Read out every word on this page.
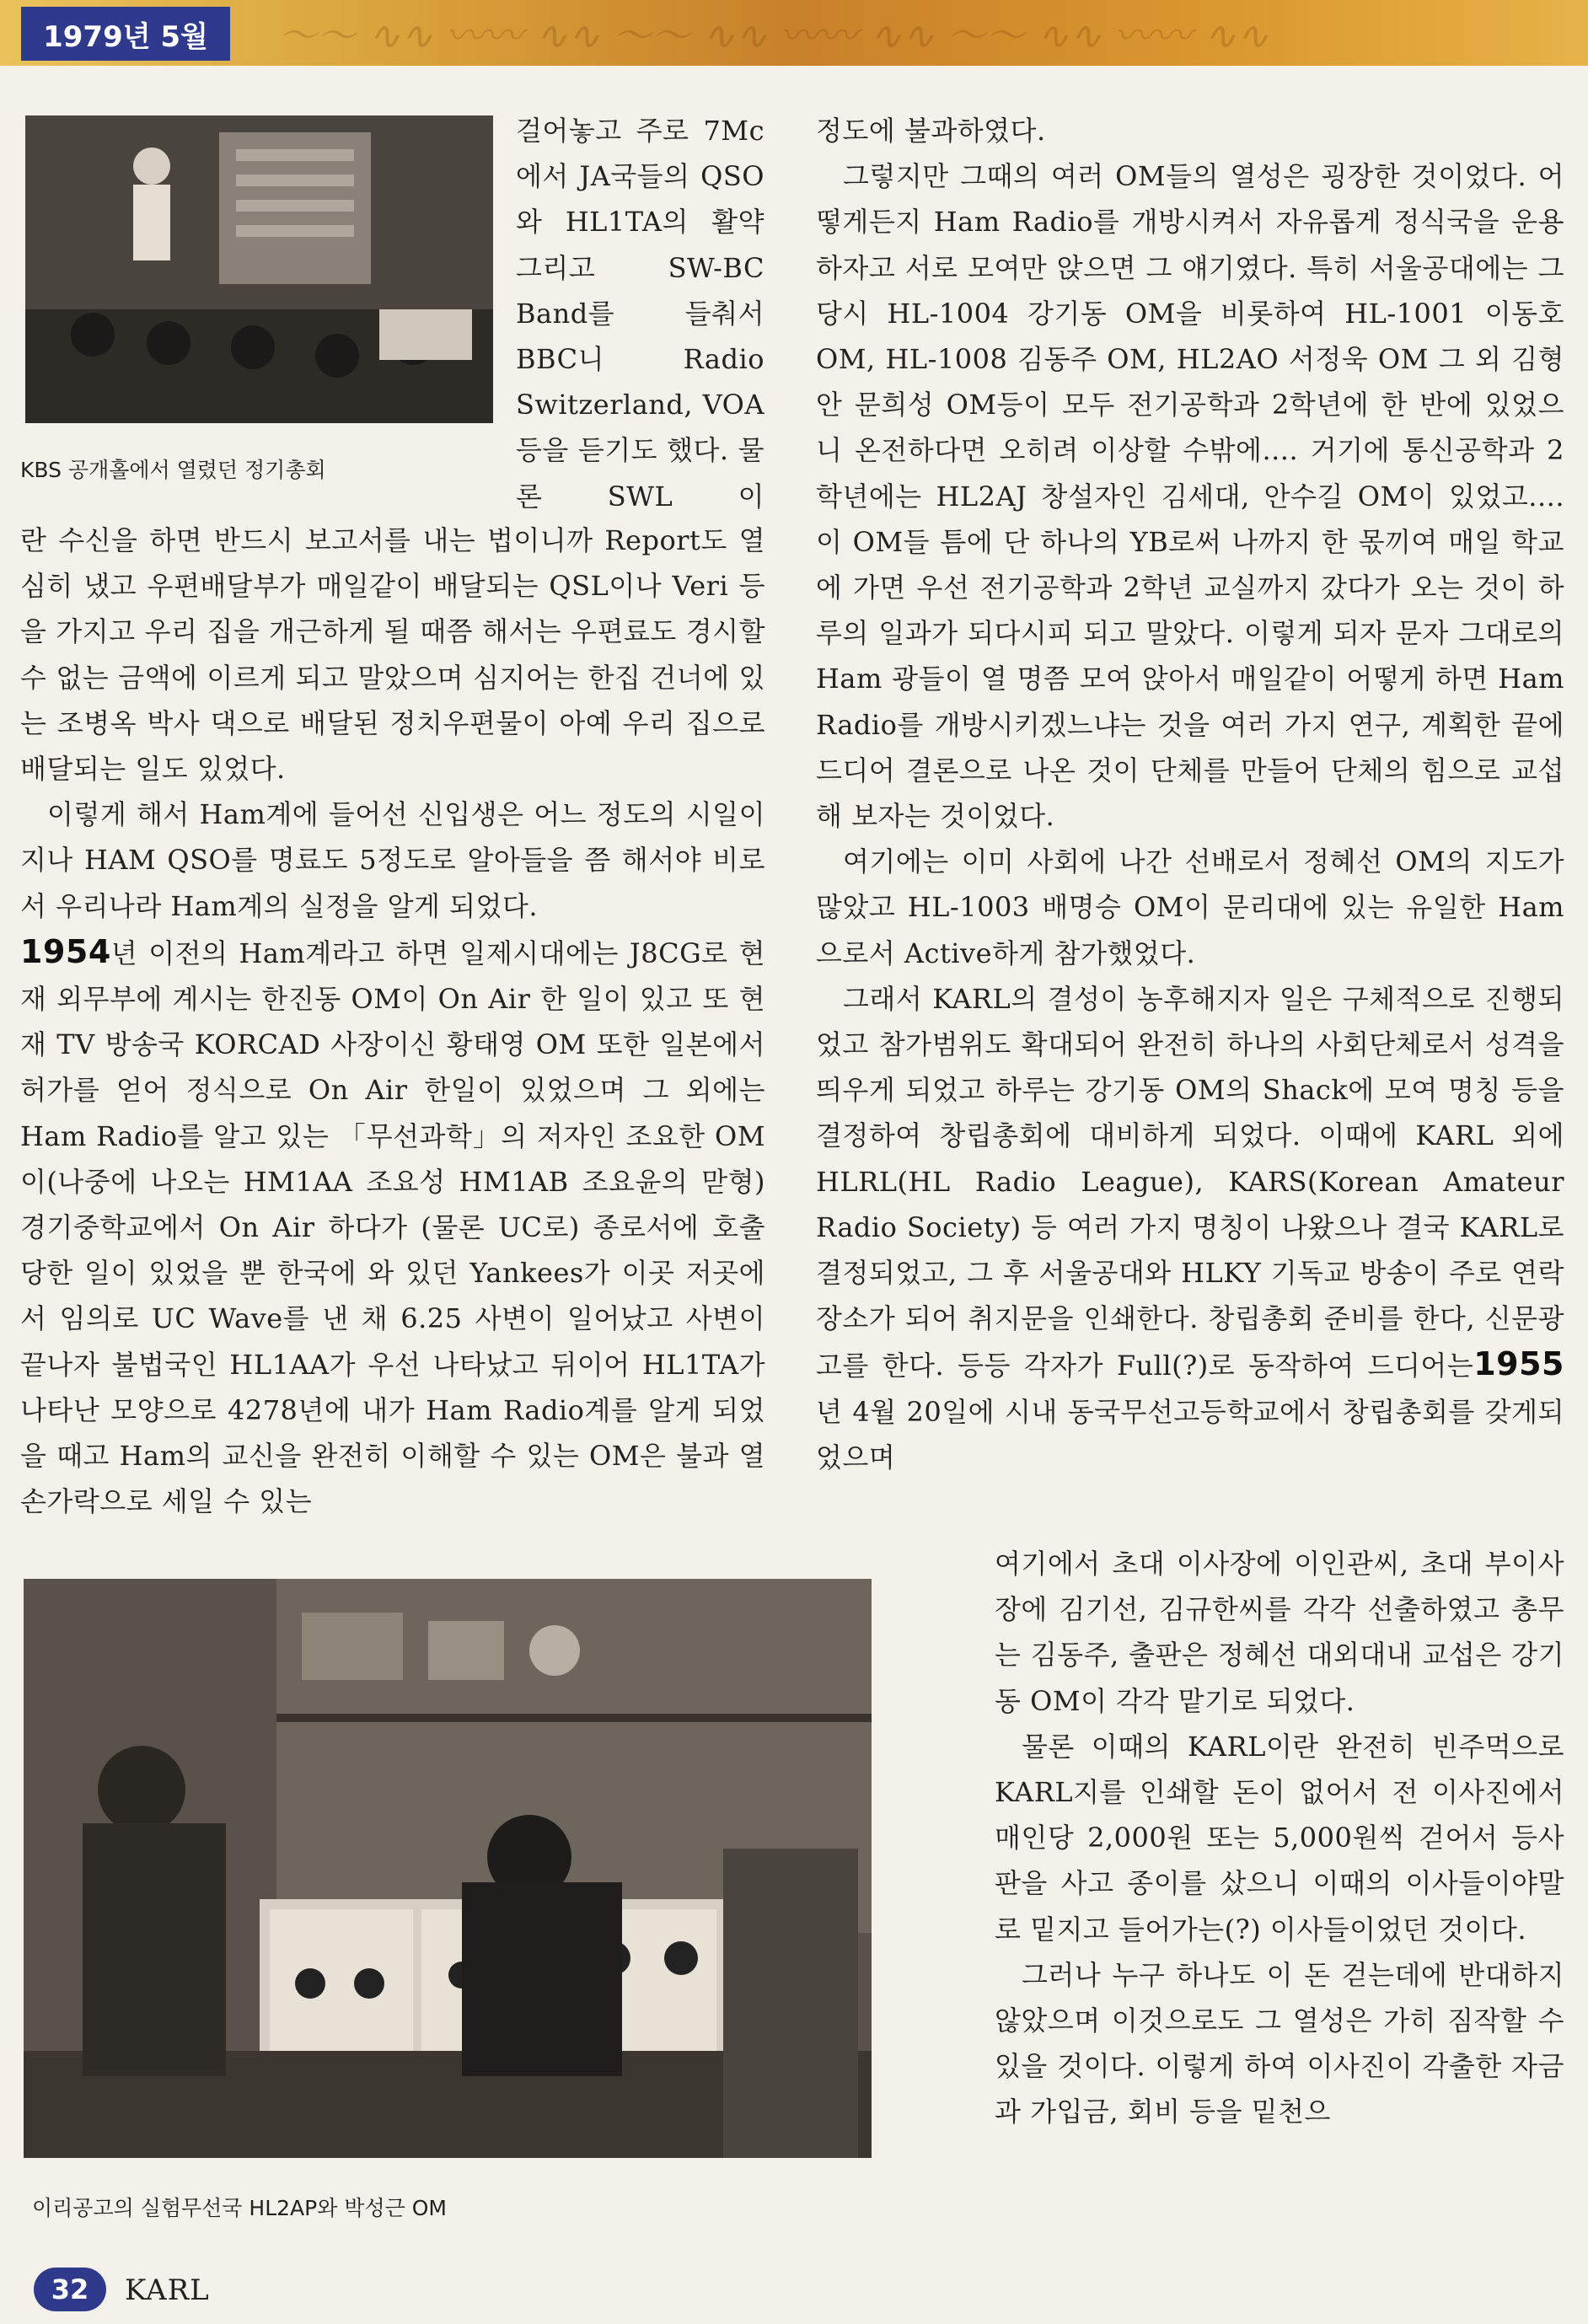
〜〜 ∿∿ 〰〰 ∿∿ 〜〜 ∿∿ 〰〰 ∿∿ 〜〜 ∿∿ 〰〰 ∿∿
1979년 5월
KBS 공개홀에서 열렸던 정기총회

걸어놓고 주로 7Mc에서 JA국들의 QSO와 HL1TA의 활약 그리고 SW-BC Band를 들춰서 BBC니 Radio Switzerland, VOA 등을 듣기도 했다. 물론 SWL 이

란 수신을 하면 반드시 보고서를 내는 법이니까 Report도 열심히 냈고 우편배달부가 매일같이 배달되는 QSL이나 Veri 등을 가지고 우리 집을 개근하게 될 때쯤 해서는 우편료도 경시할 수 없는 금액에 이르게 되고 말았으며 심지어는 한집 건너에 있는 조병옥 박사 댁으로 배달된 정치우편물이 아예 우리 집으로 배달되는 일도 있었다.

이렇게 해서 Ham계에 들어선 신입생은 어느 정도의 시일이 지나 HAM QSO를 명료도 5정도로 알아들을 쯤 해서야 비로서 우리나라 Ham계의 실정을 알게 되었다.

1954년 이전의 Ham계라고 하면 일제시대에는 J8CG로 현재 외무부에 계시는 한진동 OM이 On Air 한 일이 있고 또 현재 TV 방송국 KORCAD 사장이신 황태영 OM 또한 일본에서 허가를 얻어 정식으로 On Air 한일이 있었으며 그 외에는 Ham Radio를 알고 있는 「무선과학」의 저자인 조요한 OM이(나중에 나오는 HM1AA 조요성 HM1AB 조요윤의 맏형) 경기중학교에서 On Air 하다가 (물론 UC로) 종로서에 호출 당한 일이 있었을 뿐 한국에 와 있던 Yankees가 이곳 저곳에서 임의로 UC Wave를 낸 채 6.25 사변이 일어났고 사변이 끝나자 불법국인 HL1AA가 우선 나타났고 뒤이어 HL1TA가 나타난 모양으로 4278년에 내가 Ham Radio계를 알게 되었을 때고 Ham의 교신을 완전히 이해할 수 있는 OM은 불과 열 손가락으로 세일 수 있는

정도에 불과하였다.

그렇지만 그때의 여러 OM들의 열성은 굉장한 것이었다. 어떻게든지 Ham Radio를 개방시켜서 자유롭게 정식국을 운용하자고 서로 모여만 앉으면 그 얘기였다. 특히 서울공대에는 그 당시 HL-1004 강기동 OM을 비롯하여 HL-1001 이동호 OM, HL-1008 김동주 OM, HL2AO 서정욱 OM 그 외 김형안 문희성 OM등이 모두 전기공학과 2학년에 한 반에 있었으니 온전하다면 오히려 이상할 수밖에.... 거기에 통신공학과 2학년에는 HL2AJ 창설자인 김세대, 안수길 OM이 있었고.... 이 OM들 틈에 단 하나의 YB로써 나까지 한 몫끼여 매일 학교에 가면 우선 전기공학과 2학년 교실까지 갔다가 오는 것이 하루의 일과가 되다시피 되고 말았다. 이렇게 되자 문자 그대로의 Ham 광들이 열 명쯤 모여 앉아서 매일같이 어떻게 하면 Ham Radio를 개방시키겠느냐는 것을 여러 가지 연구, 계획한 끝에 드디어 결론으로 나온 것이 단체를 만들어 단체의 힘으로 교섭해 보자는 것이었다.

여기에는 이미 사회에 나간 선배로서 정혜선 OM의 지도가 많았고 HL-1003 배명승 OM이 문리대에 있는 유일한 Ham으로서 Active하게 참가했었다.

그래서 KARL의 결성이 농후해지자 일은 구체적으로 진행되었고 참가범위도 확대되어 완전히 하나의 사회단체로서 성격을 띄우게 되었고 하루는 강기동 OM의 Shack에 모여 명칭 등을 결정하여 창립총회에 대비하게 되었다. 이때에 KARL 외에 HLRL(HL Radio League), KARS(Korean Amateur Radio Society) 등 여러 가지 명칭이 나왔으나 결국 KARL로 결정되었고, 그 후 서울공대와 HLKY 기독교 방송이 주로 연락장소가 되어 취지문을 인쇄한다. 창립총회 준비를 한다, 신문광고를 한다. 등등 각자가 Full(?)로 동작하여 드디어는1955년 4월 20일에 시내 동국무선고등학교에서 창립총회를 갖게되었으며

여기에서 초대 이사장에 이인관씨, 초대 부이사장에 김기선, 김규한씨를 각각 선출하였고 총무는 김동주, 출판은 정혜선 대외대내 교섭은 강기동 OM이 각각 맡기로 되었다.

물론 이때의 KARL이란 완전히 빈주먹으로 KARL지를 인쇄할 돈이 없어서 전 이사진에서 매인당 2,000원 또는 5,000원씩 걷어서 등사판을 사고 종이를 샀으니 이때의 이사들이야말로 밑지고 들어가는(?) 이사들이었던 것이다.

그러나 누구 하나도 이 돈 걷는데에 반대하지 않았으며 이것으로도 그 열성은 가히 짐작할 수 있을 것이다. 이렇게 하여 이사진이 각출한 자금과 가입금, 회비 등을 밑천으

이리공고의 실험무선국 HL2AP와 박성근 OM
32 KARL
